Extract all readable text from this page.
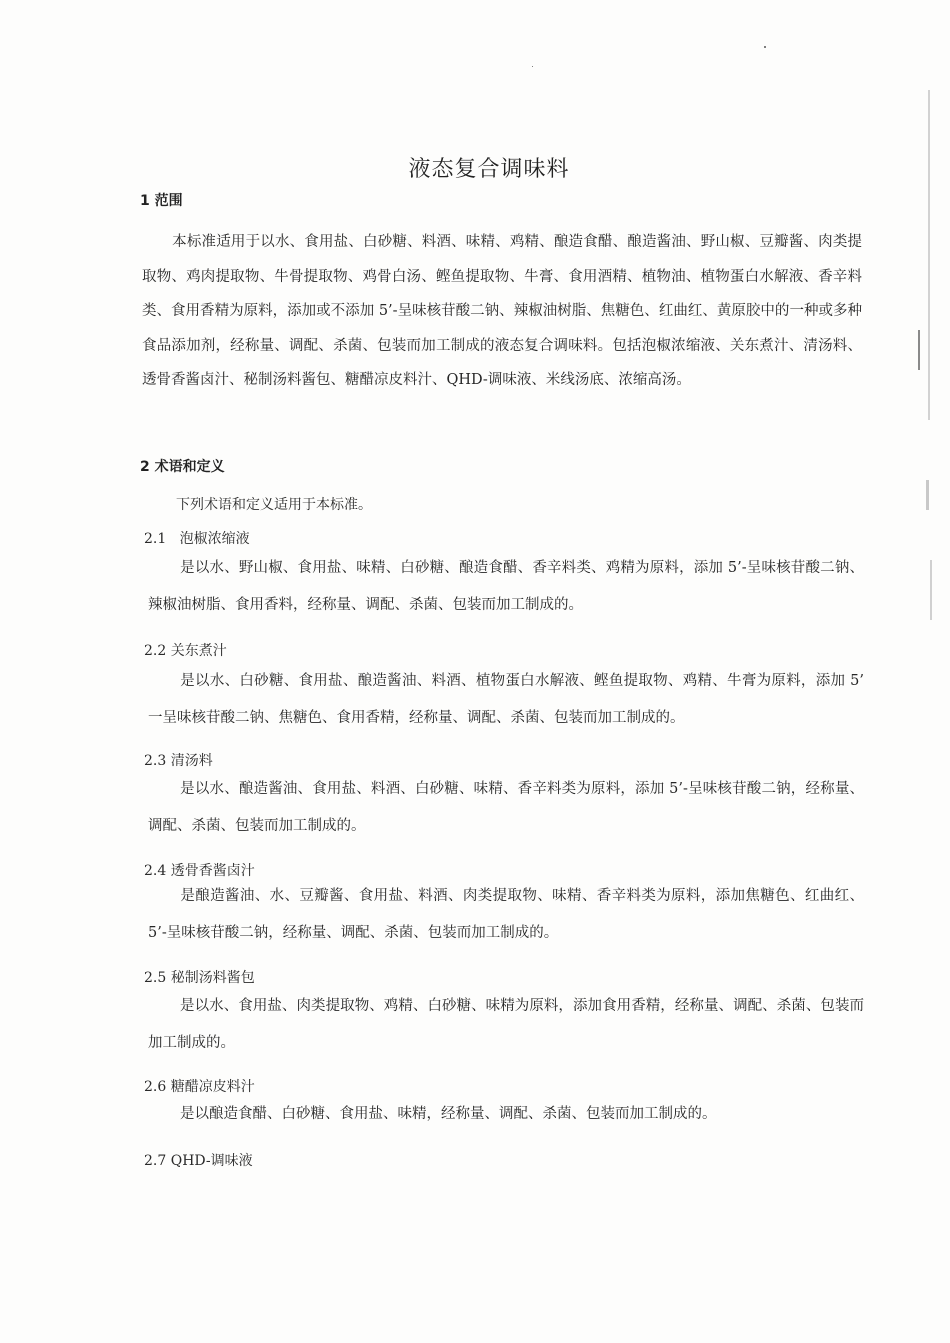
液态复合调味料
1 范围

本标准适用于以水、食用盐、白砂糖、料酒、味精、鸡精、酿造食醋、酿造酱油、野山椒、豆瓣酱、肉类提取物、鸡肉提取物、牛骨提取物、鸡骨白汤、鲣鱼提取物、牛膏、食用酒精、植物油、植物蛋白水解液、香辛料类、食用香精为原料，添加或不添加 5’-呈味核苷酸二钠、辣椒油树脂、焦糖色、红曲红、黄原胶中的一种或多种食品添加剂，经称量、调配、杀菌、包装而加工制成的液态复合调味料。包括泡椒浓缩液、关东煮汁、清汤料、透骨香酱卤汁、秘制汤料酱包、糖醋凉皮料汁、QHD-调味液、米线汤底、浓缩高汤。

2 术语和定义
下列术语和定义适用于本标准。
2.1 泡椒浓缩液

是以水、野山椒、食用盐、味精、白砂糖、酿造食醋、香辛料类、鸡精为原料，添加 5’-呈味核苷酸二钠、辣椒油树脂、食用香料，经称量、调配、杀菌、包装而加工制成的。

2.2 关东煮汁

是以水、白砂糖、食用盐、酿造酱油、料酒、植物蛋白水解液、鲣鱼提取物、鸡精、牛膏为原料，添加 5’ 一呈味核苷酸二钠、焦糖色、食用香精，经称量、调配、杀菌、包装而加工制成的。

2.3 清汤料

是以水、酿造酱油、食用盐、料酒、白砂糖、味精、香辛料类为原料，添加 5’-呈味核苷酸二钠，经称量、调配、杀菌、包装而加工制成的。

2.4 透骨香酱卤汁

是酿造酱油、水、豆瓣酱、食用盐、料酒、肉类提取物、味精、香辛料类为原料，添加焦糖色、红曲红、5’-呈味核苷酸二钠，经称量、调配、杀菌、包装而加工制成的。

2.5 秘制汤料酱包

是以水、食用盐、肉类提取物、鸡精、白砂糖、味精为原料，添加食用香精，经称量、调配、杀菌、包装而加工制成的。

2.6 糖醋凉皮料汁

是以酿造食醋、白砂糖、食用盐、味精，经称量、调配、杀菌、包装而加工制成的。

2.7 QHD-调味液
